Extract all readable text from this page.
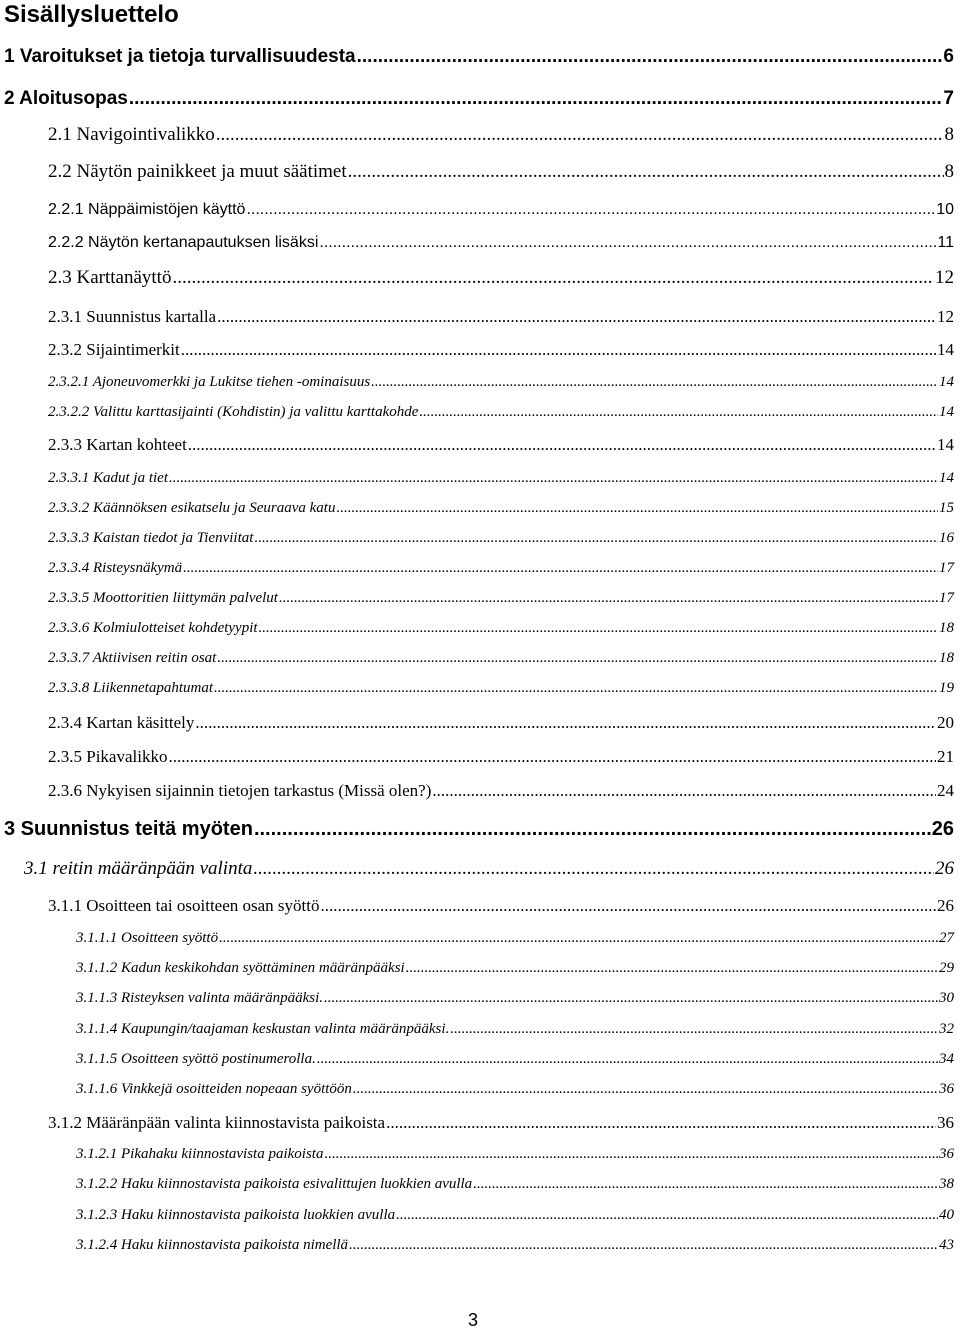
Sisällysluettelo
1 Varoitukset ja tietoja turvallisuudesta .....	6
2 Aloitusopas .....	7
2.1 Navigointivalikko .....	8
2.2 Näytön painikkeet ja muut säätimet .....	8
2.2.1 Näppäimistöjen käyttö .....	10
2.2.2 Näytön kertanapautuksen lisäksi .....	11
2.3 Karttanäyttö .....	12
2.3.1 Suunnistus kartalla .....	12
2.3.2 Sijaintimerkit .....	14
2.3.2.1 Ajoneuvomerkki ja Lukitse tiehen -ominaisuus .....	14
2.3.2.2 Valittu karttasijainti (Kohdistin) ja valittu karttakohde .....	14
2.3.3 Kartan kohteet .....	14
2.3.3.1 Kadut ja tiet .....	14
2.3.3.2 Käännöksen esikatselu ja Seuraava katu .....	15
2.3.3.3 Kaistan tiedot ja Tienviitat .....	16
2.3.3.4 Risteysnäkymä .....	17
2.3.3.5 Moottoritien liittymän palvelut .....	17
2.3.3.6 Kolmiulotteiset kohdetyypit .....	18
2.3.3.7 Aktiivisen reitin osat .....	18
2.3.3.8 Liikennetapahtumat .....	19
2.3.4 Kartan käsittely .....	20
2.3.5 Pikavalikko .....	21
2.3.6 Nykyisen sijainnin tietojen tarkastus (Missä olen?) .....	24
3 Suunnistus teitä myöten .....	26
3.1 reitin määränpään valinta .....	26
3.1.1 Osoitteen tai osoitteen osan syöttö .....	26
3.1.1.1 Osoitteen syöttö .....	27
3.1.1.2 Kadun keskikohdan syöttäminen määränpääksi .....	29
3.1.1.3 Risteyksen valinta määränpääksi. .....	30
3.1.1.4 Kaupungin/taajaman keskustan valinta määränpääksi. .....	32
3.1.1.5 Osoitteen syöttö postinumerolla. .....	34
3.1.1.6 Vinkkejä osoitteiden nopeaan syöttöön .....	36
3.1.2 Määränpään valinta kiinnostavista paikoista .....	36
3.1.2.1 Pikahaku kiinnostavista paikoista .....	36
3.1.2.2 Haku kiinnostavista paikoista esivalittujen luokkien avulla .....	38
3.1.2.3 Haku kiinnostavista paikoista luokkien avulla .....	40
3.1.2.4 Haku kiinnostavista paikoista nimellä .....	43
3
